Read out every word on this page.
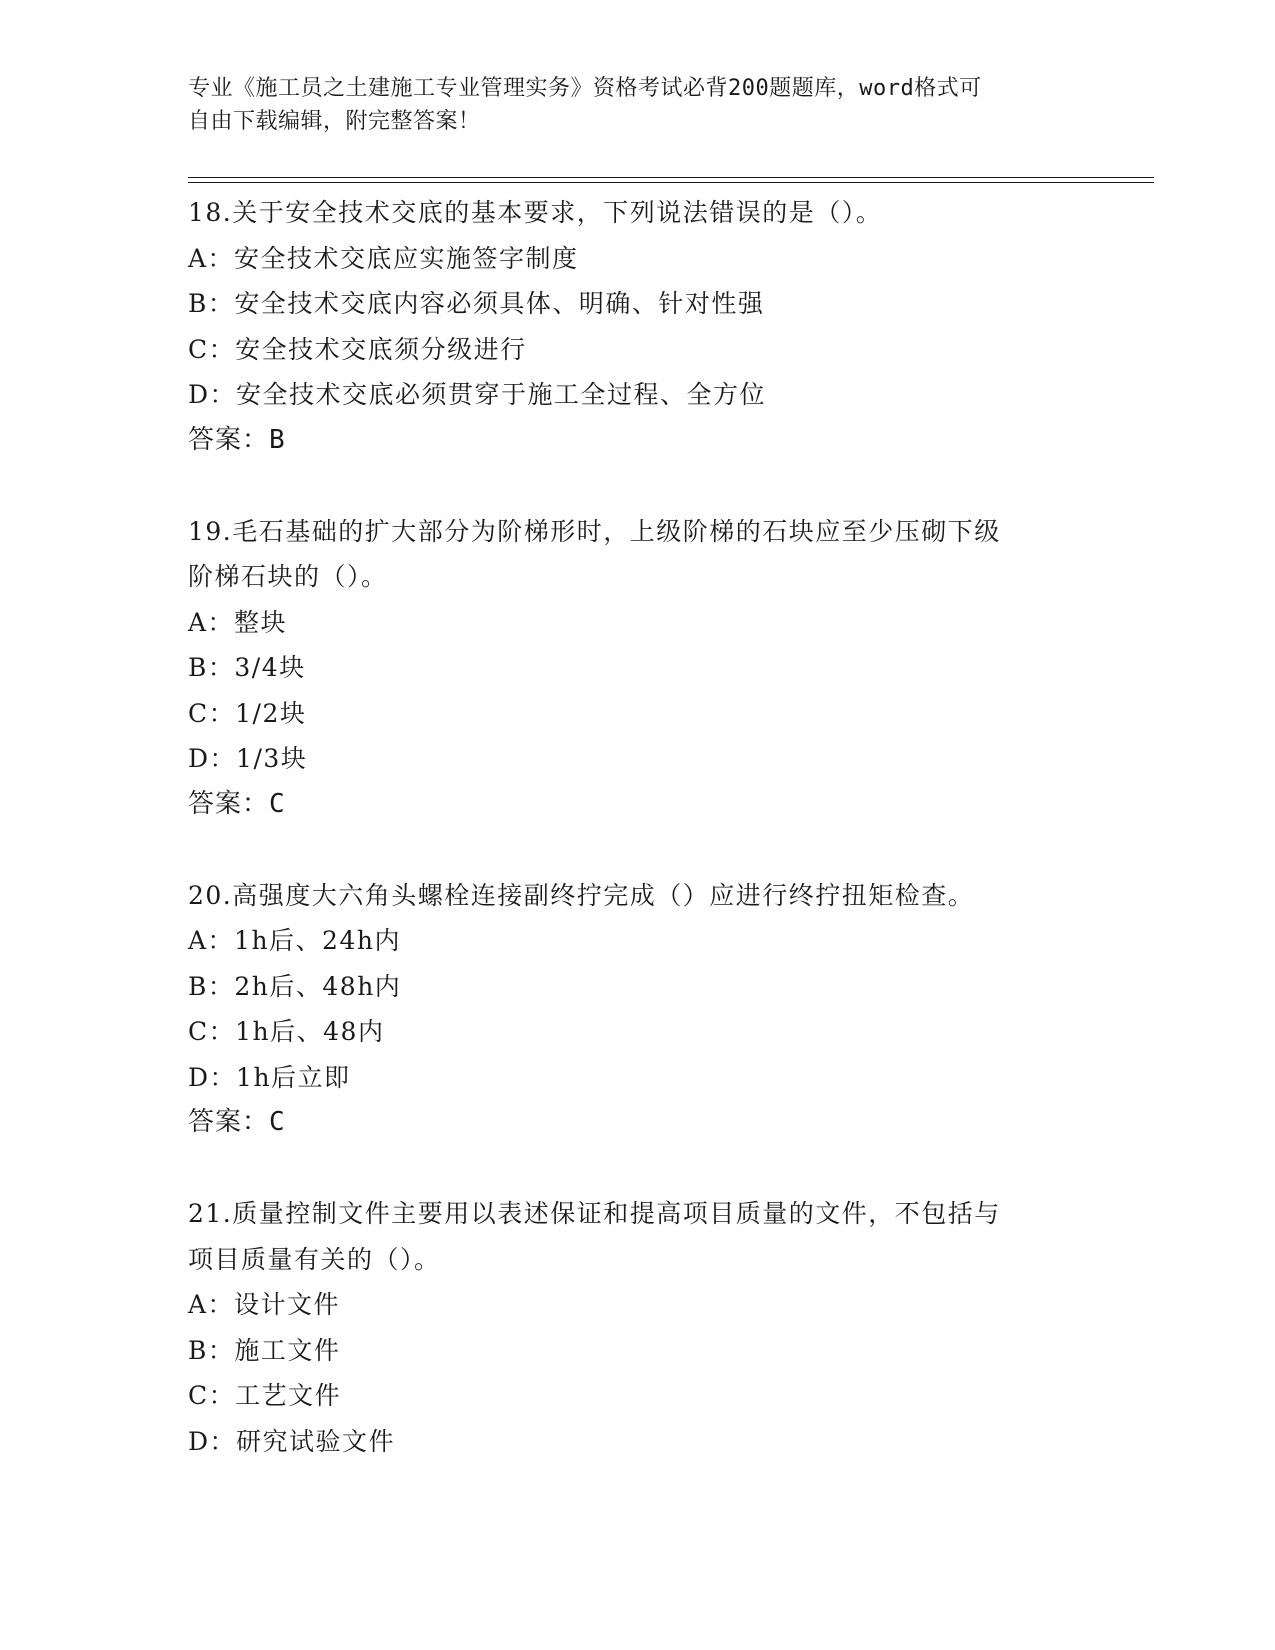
专业《施工员之土建施工专业管理实务》资格考试必背200题题库，word格式可
自由下载编辑，附完整答案！
18.关于安全技术交底的基本要求，下列说法错误的是（）。
A：安全技术交底应实施签字制度
B：安全技术交底内容必须具体、明确、针对性强
C：安全技术交底须分级进行
D：安全技术交底必须贯穿于施工全过程、全方位
答案：B
19.毛石基础的扩大部分为阶梯形时，上级阶梯的石块应至少压砌下级
阶梯石块的（）。
A：整块
B：3/4块
C：1/2块
D：1/3块
答案：C
20.高强度大六角头螺栓连接副终拧完成（）应进行终拧扭矩检查。
A：1h后、24h内
B：2h后、48h内
C：1h后、48内
D：1h后立即
答案：C
21.质量控制文件主要用以表述保证和提高项目质量的文件，不包括与
项目质量有关的（）。
A：设计文件
B：施工文件
C：工艺文件
D：研究试验文件
